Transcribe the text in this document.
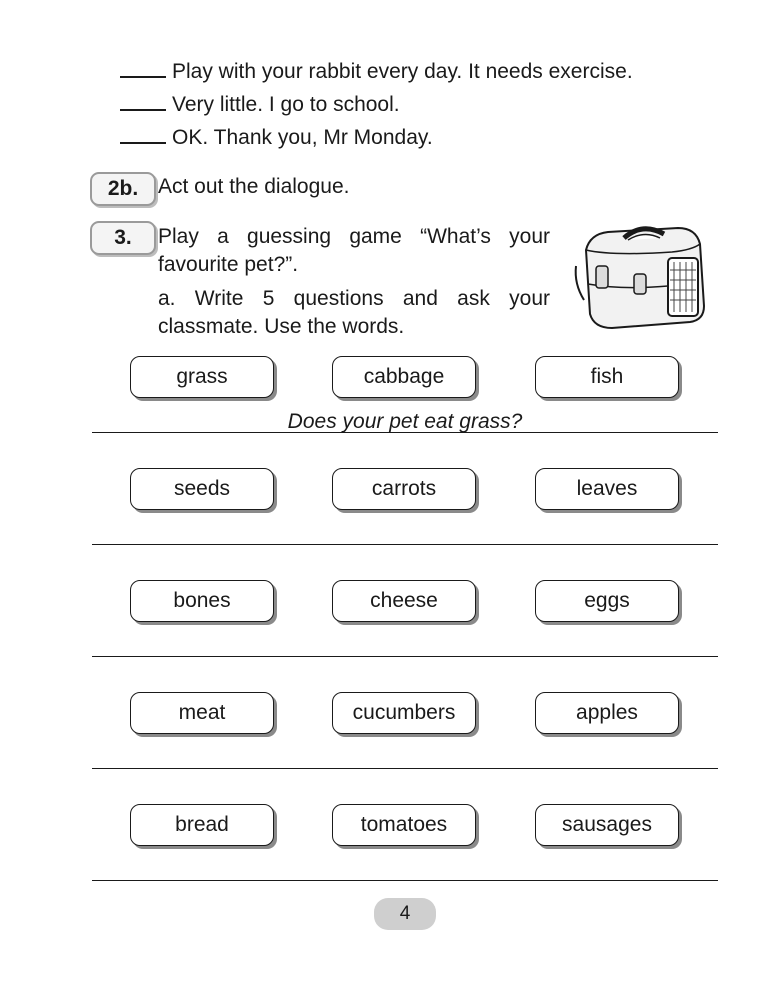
Play with your rabbit every day. It needs exercise.
Very little. I go to school.
OK. Thank you, Mr Monday.
2b. Act out the dialogue.
3.	Play a guessing game “What’s your favourite pet?”.
a. Write 5 questions and ask your classmate. Use the words.
grass	cabbage	fish
Does your pet eat grass?
seeds	carrots	leaves
bones	cheese	eggs
meat	cucumbers	apples
bread	tomatoes	sausages
4
